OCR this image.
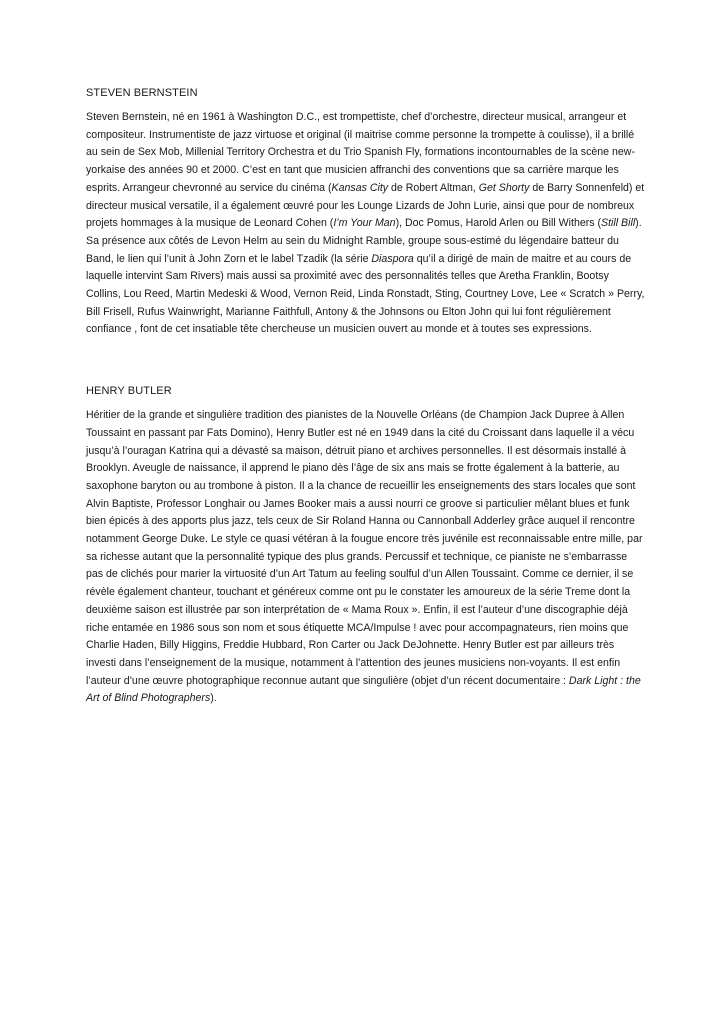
STEVEN BERNSTEIN

Steven Bernstein, né en 1961 à Washington D.C., est trompettiste, chef d’orchestre, directeur musical, arrangeur et compositeur. Instrumentiste de jazz virtuose et original (il maitrise comme personne la trompette à coulisse), il a brillé au sein de Sex Mob, Millenial Territory Orchestra et du Trio Spanish Fly, formations incontournables de la scène new-yorkaise des années 90 et 2000. C’est en tant que musicien affranchi des conventions que sa carrière marque les esprits. Arrangeur chevronné au service du cinéma (Kansas City de Robert Altman, Get Shorty de Barry Sonnenfeld) et directeur musical versatile, il a également œuvré pour les Lounge Lizards de John Lurie, ainsi que pour de nombreux projets hommages à la musique de Leonard Cohen (I’m Your Man), Doc Pomus, Harold Arlen ou Bill Withers (Still Bill). Sa présence aux côtés de Levon Helm au sein du Midnight Ramble, groupe sous-estimé du légendaire batteur du Band, le lien qui l’unit à John Zorn et le label Tzadik (la série Diaspora qu’il a dirigé de main de maitre et au cours de laquelle intervint Sam Rivers) mais aussi sa proximité avec des personnalités telles que Aretha Franklin, Bootsy Collins, Lou Reed, Martin Medeski & Wood, Vernon Reid, Linda Ronstadt, Sting, Courtney Love, Lee « Scratch » Perry, Bill Frisell, Rufus Wainwright, Marianne Faithfull, Antony & the Johnsons ou Elton John qui lui font régulièrement confiance , font de cet insatiable tête chercheuse un musicien ouvert au monde et à toutes ses expressions.

HENRY BUTLER

Héritier de la grande et singulière tradition des pianistes de la Nouvelle Orléans (de Champion Jack Dupree à Allen Toussaint en passant par Fats Domino), Henry Butler est né en 1949 dans la cité du Croissant dans laquelle il a vécu jusqu’à l’ouragan Katrina qui a dévasté sa maison, détruit piano et archives personnelles. Il est désormais installé à Brooklyn. Aveugle de naissance, il apprend le piano dès l’âge de six ans mais se frotte également à la batterie, au saxophone baryton ou au trombone à piston. Il a la chance de recueillir les enseignements des stars locales que sont Alvin Baptiste, Professor Longhair ou James Booker mais a aussi nourri ce groove si particulier mêlant blues et funk bien épicés à des apports plus jazz, tels ceux de Sir Roland Hanna ou Cannonball Adderley grâce auquel il rencontre notamment George Duke. Le style ce quasi vétéran à la fougue encore très juvénile est reconnaissable entre mille, par sa richesse autant que la personnalité typique des plus grands. Percussif et technique, ce pianiste ne s’embarrasse pas de clichés pour marier la virtuosité d’un Art Tatum au feeling soulful d’un Allen Toussaint. Comme ce dernier, il se révèle également chanteur, touchant et généreux comme ont pu le constater les amoureux de la série Treme dont la deuxième saison est illustrée par son interprétation de « Mama Roux ». Enfin, il est l’auteur d’une discographie déjà riche entamée en 1986 sous son nom et sous étiquette MCA/Impulse ! avec pour accompagnateurs, rien moins que Charlie Haden, Billy Higgins, Freddie Hubbard, Ron Carter ou Jack DeJohnette. Henry Butler est par ailleurs très investi dans l’enseignement de la musique, notamment à l’attention des jeunes musiciens non-voyants. Il est enfin l’auteur d’une œuvre photographique reconnue autant que singulière (objet d’un récent documentaire : Dark Light : the Art of Blind Photographers).
